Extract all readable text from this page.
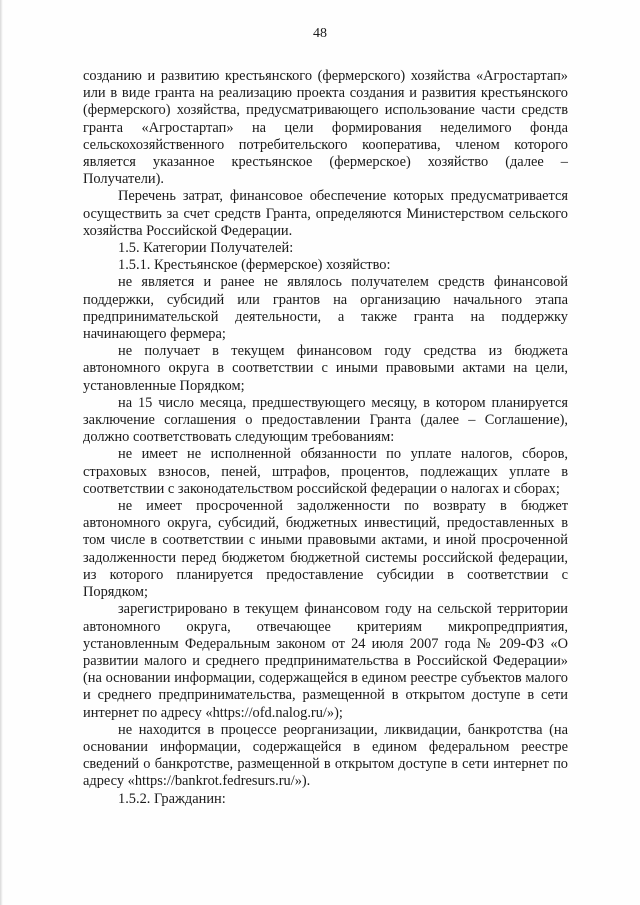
48

созданию и развитию крестьянского (фермерского) хозяйства «Агростартап» или в виде гранта на реализацию проекта создания и развития крестьянского (фермерского) хозяйства, предусматривающего использование части средств гранта «Агростартап» на цели формирования неделимого фонда сельскохозяйственного потребительского кооператива, членом которого является указанное крестьянское (фермерское) хозяйство (далее – Получатели).

Перечень затрат, финансовое обеспечение которых предусматривается осуществить за счет средств Гранта, определяются Министерством сельского хозяйства Российской Федерации.

1.5. Категории Получателей:

1.5.1. Крестьянское (фермерское) хозяйство:

не является и ранее не являлось получателем средств финансовой поддержки, субсидий или грантов на организацию начального этапа предпринимательской деятельности, а также гранта на поддержку начинающего фермера;

не получает в текущем финансовом году средства из бюджета автономного округа в соответствии с иными правовыми актами на цели, установленные Порядком;

на 15 число месяца, предшествующего месяцу, в котором планируется заключение соглашения о предоставлении Гранта (далее – Соглашение), должно соответствовать следующим требованиям:

не имеет не исполненной обязанности по уплате налогов, сборов, страховых взносов, пеней, штрафов, процентов, подлежащих уплате в соответствии с законодательством российской федерации о налогах и сборах;

не имеет просроченной задолженности по возврату в бюджет автономного округа, субсидий, бюджетных инвестиций, предоставленных в том числе в соответствии с иными правовыми актами, и иной просроченной задолженности перед бюджетом бюджетной системы российской федерации, из которого планируется предоставление субсидии в соответствии с Порядком;

зарегистрировано в текущем финансовом году на сельской территории автономного округа, отвечающее критериям микропредприятия, установленным Федеральным законом от 24 июля 2007 года № 209-ФЗ «О развитии малого и среднего предпринимательства в Российской Федерации» (на основании информации, содержащейся в едином реестре субъектов малого и среднего предпринимательства, размещенной в открытом доступе в сети интернет по адресу «https://ofd.nalog.ru/»);

не находится в процессе реорганизации, ликвидации, банкротства (на основании информации, содержащейся в едином федеральном реестре сведений о банкротстве, размещенной в открытом доступе в сети интернет по адресу «https://bankrot.fedresurs.ru/»).

1.5.2. Гражданин:
